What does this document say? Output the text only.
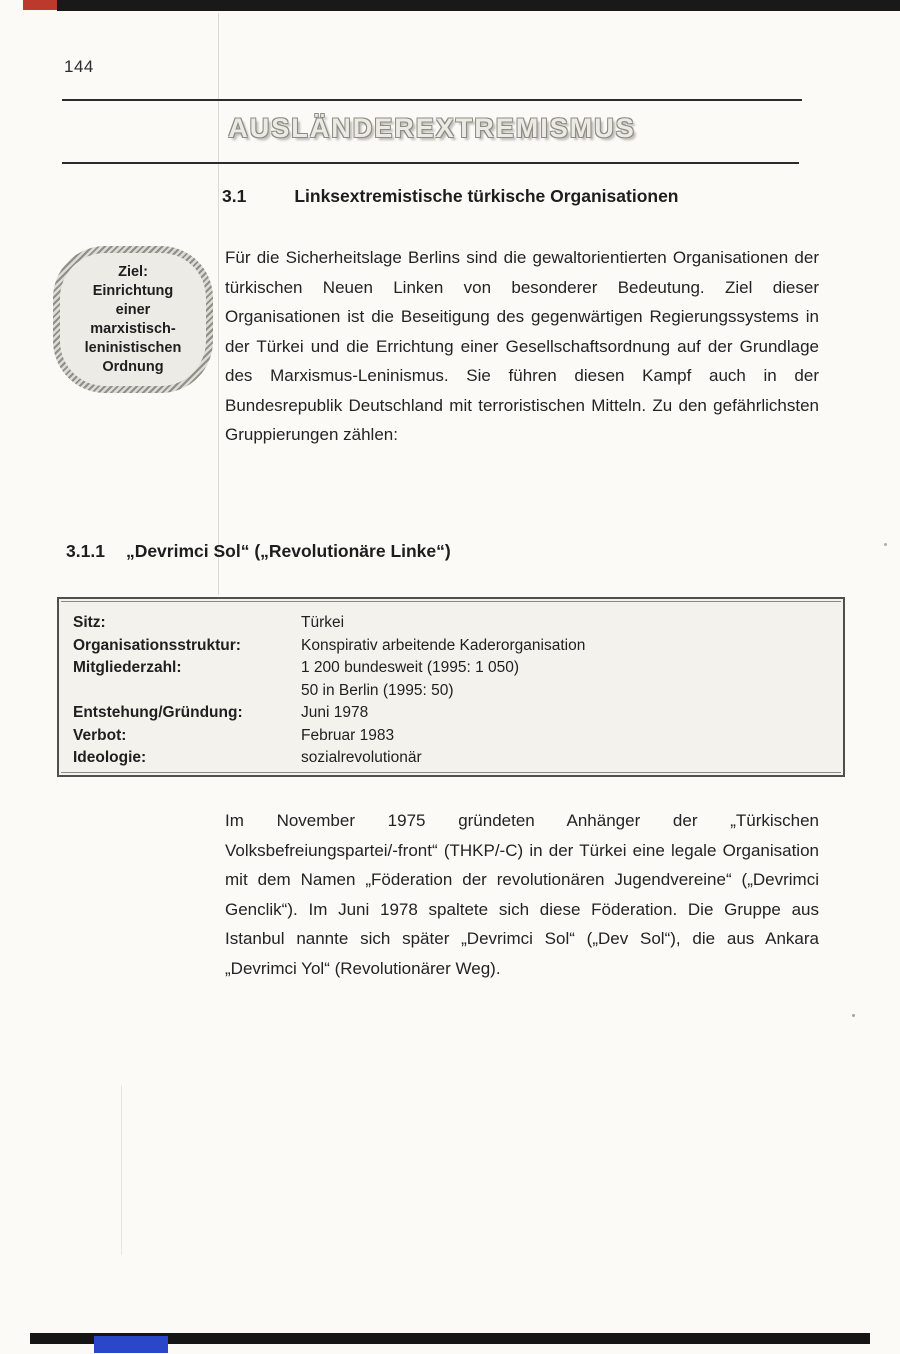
144
AUSLÄNDEREXTREMISMUS
3.1	Linksextremistische türkische Organisationen
Ziel:
Einrichtung
einer
marxistisch-
leninistischen
Ordnung
Für die Sicherheitslage Berlins sind die gewaltorientierten Organisationen der türkischen Neuen Linken von besonderer Bedeutung. Ziel dieser Organisationen ist die Beseitigung des gegenwärtigen Regierungssystems in der Türkei und die Errichtung einer Gesellschaftsordnung auf der Grundlage des Marxismus-Leninismus. Sie führen diesen Kampf auch in der Bundesrepublik Deutschland mit terroristischen Mitteln. Zu den gefährlichsten Gruppierungen zählen:
3.1.1 „Devrimci Sol“ („Revolutionäre Linke“)
Sitz:	Türkei
Organisationsstruktur:	Konspirativ arbeitende Kaderorganisation
Mitgliederzahl:	1 200 bundesweit (1995: 1 050)
50 in Berlin (1995: 50)
Entstehung/Gründung:	Juni 1978
Verbot:	Februar 1983
Ideologie:	sozialrevolutionär
Im November 1975 gründeten Anhänger der „Türkischen Volksbefreiungspartei/-front“ (THKP/-C) in der Türkei eine legale Organisation mit dem Namen „Föderation der revolutionären Jugendvereine“ („Devrimci Genclik“). Im Juni 1978 spaltete sich diese Föderation. Die Gruppe aus Istanbul nannte sich später „Devrimci Sol“ („Dev Sol“), die aus Ankara „Devrimci Yol“ (Revolutionärer Weg).
